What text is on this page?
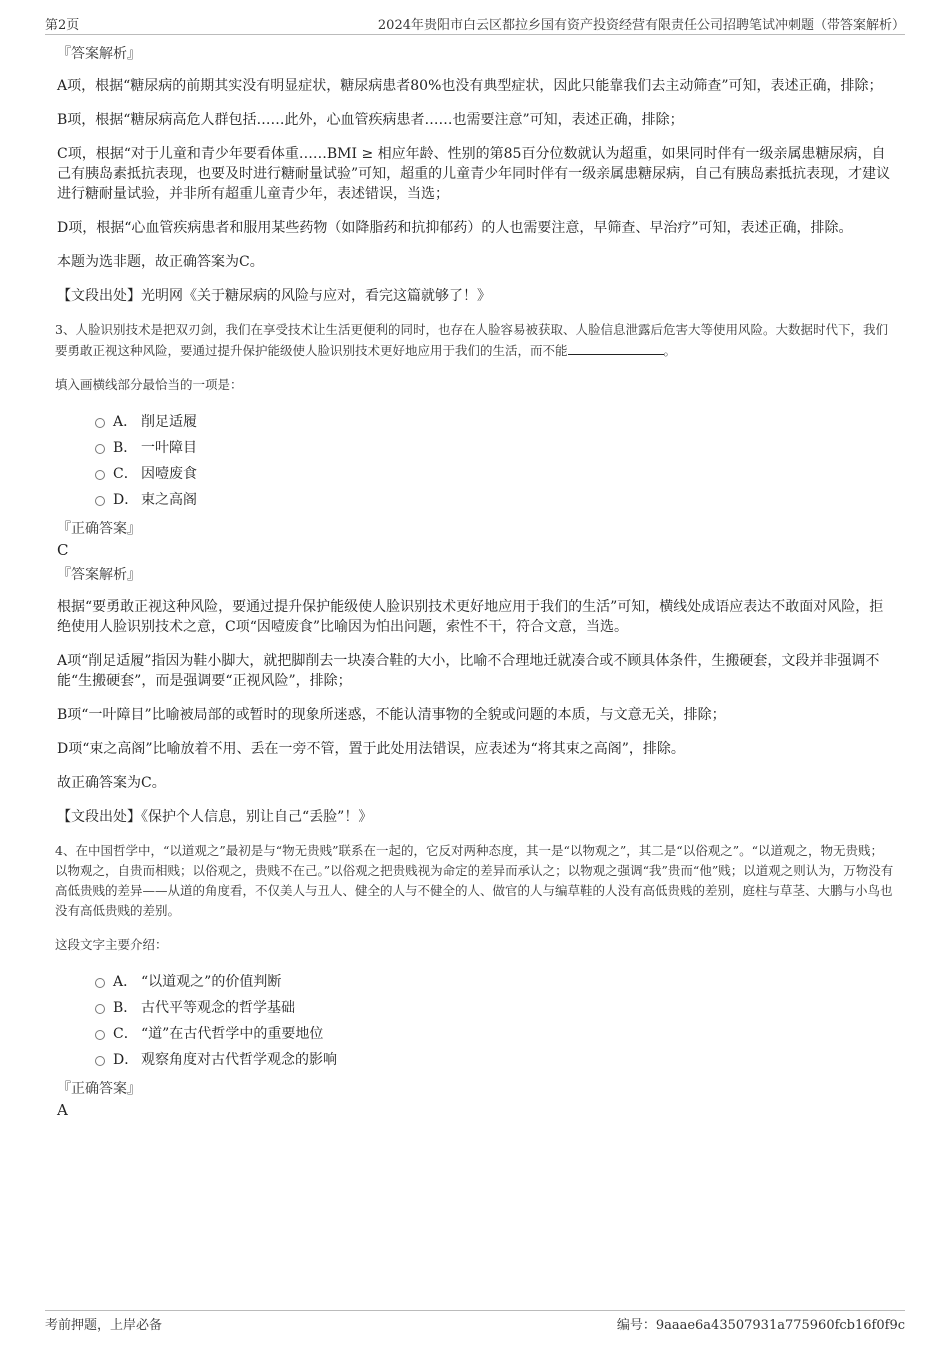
第2页	2024年贵阳市白云区都拉乡国有资产投资经营有限责任公司招聘笔试冲刺题（带答案解析）
『答案解析』

A项，根据“糖尿病的前期其实没有明显症状，糖尿病患者80%也没有典型症状，因此只能靠我们去主动筛查”可知，表述正确，排除；

B项，根据“糖尿病高危人群包括……此外，心血管疾病患者……也需要注意”可知，表述正确，排除；

C项，根据“对于儿童和青少年要看体重……BMI ≥ 相应年龄、性别的第85百分位数就认为超重，如果同时伴有一级亲属患糖尿病，自己有胰岛素抵抗表现，也要及时进行糖耐量试验”可知，超重的儿童青少年同时伴有一级亲属患糖尿病，自己有胰岛素抵抗表现，才建议进行糖耐量试验，并非所有超重儿童青少年，表述错误，当选；

D项，根据“心血管疾病患者和服用某些药物（如降脂药和抗抑郁药）的人也需要注意，早筛查、早治疗”可知，表述正确，排除。

本题为选非题，故正确答案为C。

【文段出处】光明网《关于糖尿病的风险与应对，看完这篇就够了！》

3、人脸识别技术是把双刃剑，我们在享受技术让生活更便利的同时，也存在人脸容易被获取、人脸信息泄露后危害大等使用风险。大数据时代下，我们要勇敢正视这种风险，要通过提升保护能级使人脸识别技术更好地应用于我们的生活，而不能	。

填入画横线部分最恰当的一项是：

A． 削足适履
B． 一叶障目
C． 因噎废食
D． 束之高阁
『正确答案』
C
『答案解析』

根据“要勇敢正视这种风险，要通过提升保护能级使人脸识别技术更好地应用于我们的生活”可知，横线处成语应表达不敢面对风险，拒绝使用人脸识别技术之意，C项“因噎废食”比喻因为怕出问题，索性不干，符合文意，当选。

A项“削足适履”指因为鞋小脚大，就把脚削去一块凑合鞋的大小，比喻不合理地迁就凑合或不顾具体条件，生搬硬套，文段并非强调不能“生搬硬套”，而是强调要“正视风险”，排除；

B项“一叶障目”比喻被局部的或暂时的现象所迷惑，不能认清事物的全貌或问题的本质，与文意无关，排除；

D项“束之高阁”比喻放着不用、丢在一旁不管，置于此处用法错误，应表述为“将其束之高阁”，排除。

故正确答案为C。

【文段出处】《保护个人信息，别让自己“丢脸”！》

4、在中国哲学中，“以道观之”最初是与“物无贵贱”联系在一起的，它反对两种态度，其一是“以物观之”，其二是“以俗观之”。“以道观之，物无贵贱；以物观之，自贵而相贱；以俗观之，贵贱不在己。”以俗观之把贵贱视为命定的差异而承认之；以物观之强调“我”贵而“他”贱；以道观之则认为，万物没有高低贵贱的差异——从道的角度看，不仅美人与丑人、健全的人与不健全的人、做官的人与编草鞋的人没有高低贵贱的差别，庭柱与草茎、大鹏与小鸟也没有高低贵贱的差别。

这段文字主要介绍：

A． “以道观之”的价值判断
B． 古代平等观念的哲学基础
C． “道”在古代哲学中的重要地位
D． 观察角度对古代哲学观念的影响
『正确答案』
A
考前押题，上岸必备	编号：9aaae6a43507931a775960fcb16f0f9c
